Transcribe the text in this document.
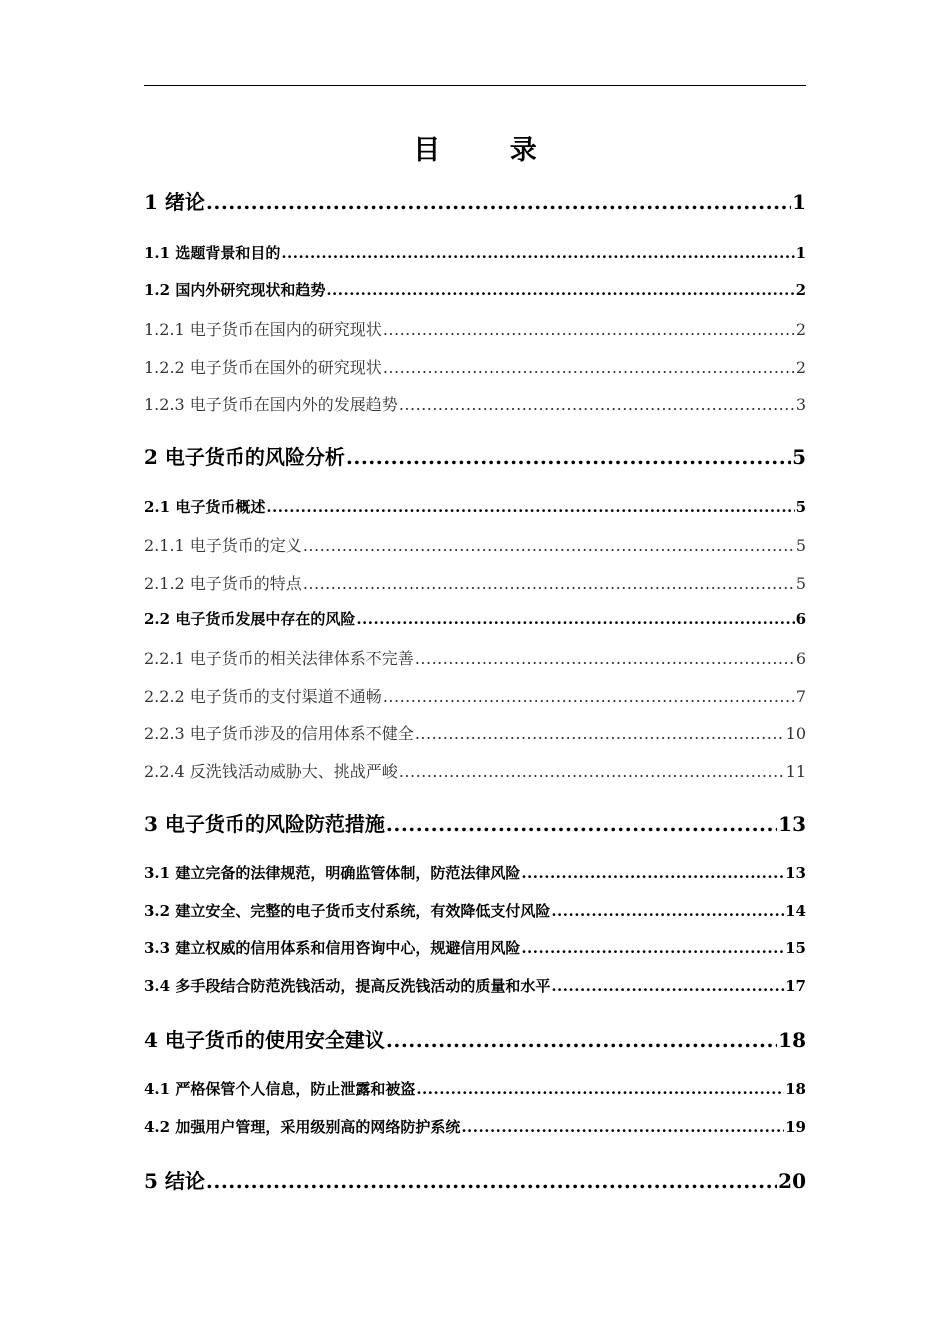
目 录
1 绪论 .....	1
1.1 选题背景和目的 .....	1
1.2 国内外研究现状和趋势 .....	2
1.2.1 电子货币在国内的研究现状 .....	2
1.2.2 电子货币在国外的研究现状 .....	2
1.2.3 电子货币在国内外的发展趋势 .....	3
2 电子货币的风险分析 .....	5
2.1 电子货币概述 .....	5
2.1.1 电子货币的定义 .....	5
2.1.2 电子货币的特点 .....	5
2.2 电子货币发展中存在的风险 .....	6
2.2.1 电子货币的相关法律体系不完善 .....	6
2.2.2 电子货币的支付渠道不通畅 .....	7
2.2.3 电子货币涉及的信用体系不健全 .....	10
2.2.4 反洗钱活动威胁大、挑战严峻 .....	11
3 电子货币的风险防范措施 .....	13
3.1 建立完备的法律规范，明确监管体制，防范法律风险 .....	13
3.2 建立安全、完整的电子货币支付系统，有效降低支付风险 .....	14
3.3 建立权威的信用体系和信用咨询中心，规避信用风险 .....	15
3.4 多手段结合防范洗钱活动，提高反洗钱活动的质量和水平 .....	17
4 电子货币的使用安全建议 .....	18
4.1 严格保管个人信息，防止泄露和被盗 .....	18
4.2 加强用户管理，采用级别高的网络防护系统 .....	19
5 结论 .....	20
